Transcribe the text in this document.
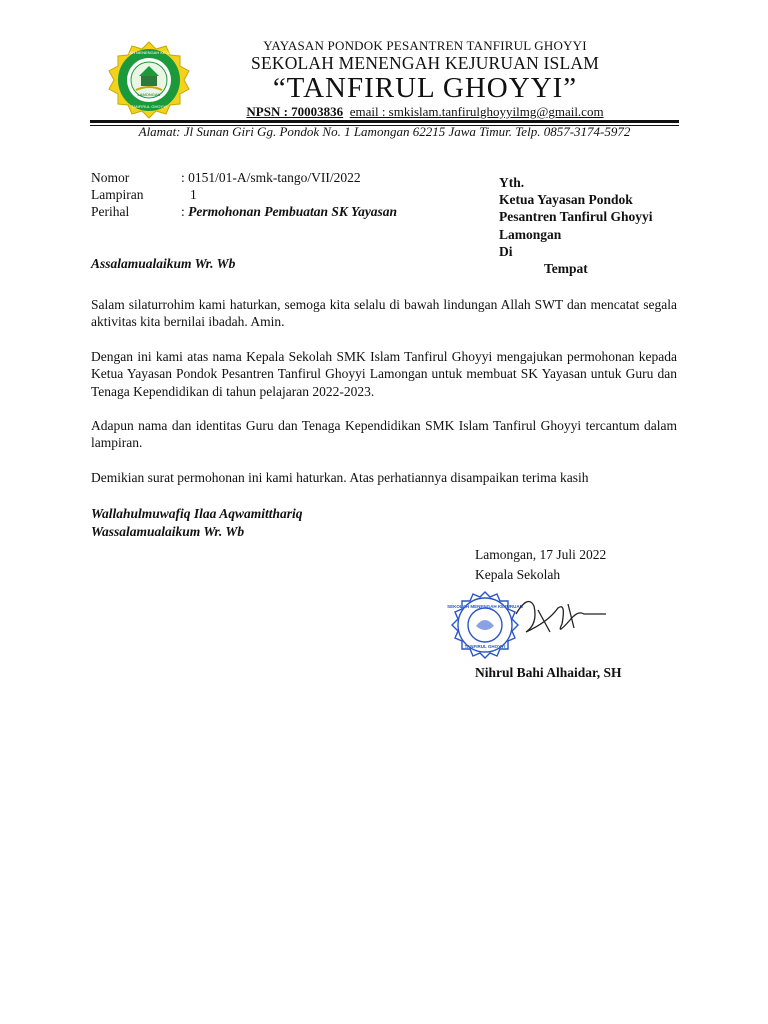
SEKOLAH MENENGAH KEJURUAN
LAMONGAN
TANFIRUL GHOYYI
YAYASAN PONDOK PESANTREN TANFIRUL GHOYYI
SEKOLAH MENENGAH KEJURUAN ISLAM
“TANFIRUL GHOYYI”
NPSN : 70003836 email : smkislam.tanfirulghoyyilmg@gmail.com
Alamat: Jl Sunan Giri Gg. Pondok No. 1 Lamongan 62215 Jawa Timur. Telp. 0857-3174-5972
Nomor	: 0151/01-A/smk-tango/VII/2022
Lampiran	1
Perihal	: Permohonan Pembuatan SK Yayasan
Yth.
Ketua Yayasan Pondok
Pesantren Tanfirul Ghoyyi
Lamongan
Di
Tempat
Assalamualaikum Wr. Wb
Salam silaturrohim kami haturkan, semoga kita selalu di bawah lindungan Allah SWT dan mencatat segala aktivitas kita bernilai ibadah. Amin.
Dengan ini kami atas nama Kepala Sekolah SMK Islam Tanfirul Ghoyyi mengajukan permohonan kepada Ketua Yayasan Pondok Pesantren Tanfirul Ghoyyi Lamongan untuk membuat SK Yayasan untuk Guru dan Tenaga Kependidikan di tahun pelajaran 2022-2023.
Adapun nama dan identitas Guru dan Tenaga Kependidikan SMK Islam Tanfirul Ghoyyi tercantum dalam lampiran.
Demikian surat permohonan ini kami haturkan. Atas perhatiannya disampaikan terima kasih
Wallahulmuwafiq Ilaa Aqwamitthariq
Wassalamualaikum Wr. Wb
Lamongan, 17 Juli 2022
Kepala Sekolah
SEKOLAH MENENGAH KEJURUAN
TANFIRUL GHOYYI
Nihrul Bahi Alhaidar, SH
